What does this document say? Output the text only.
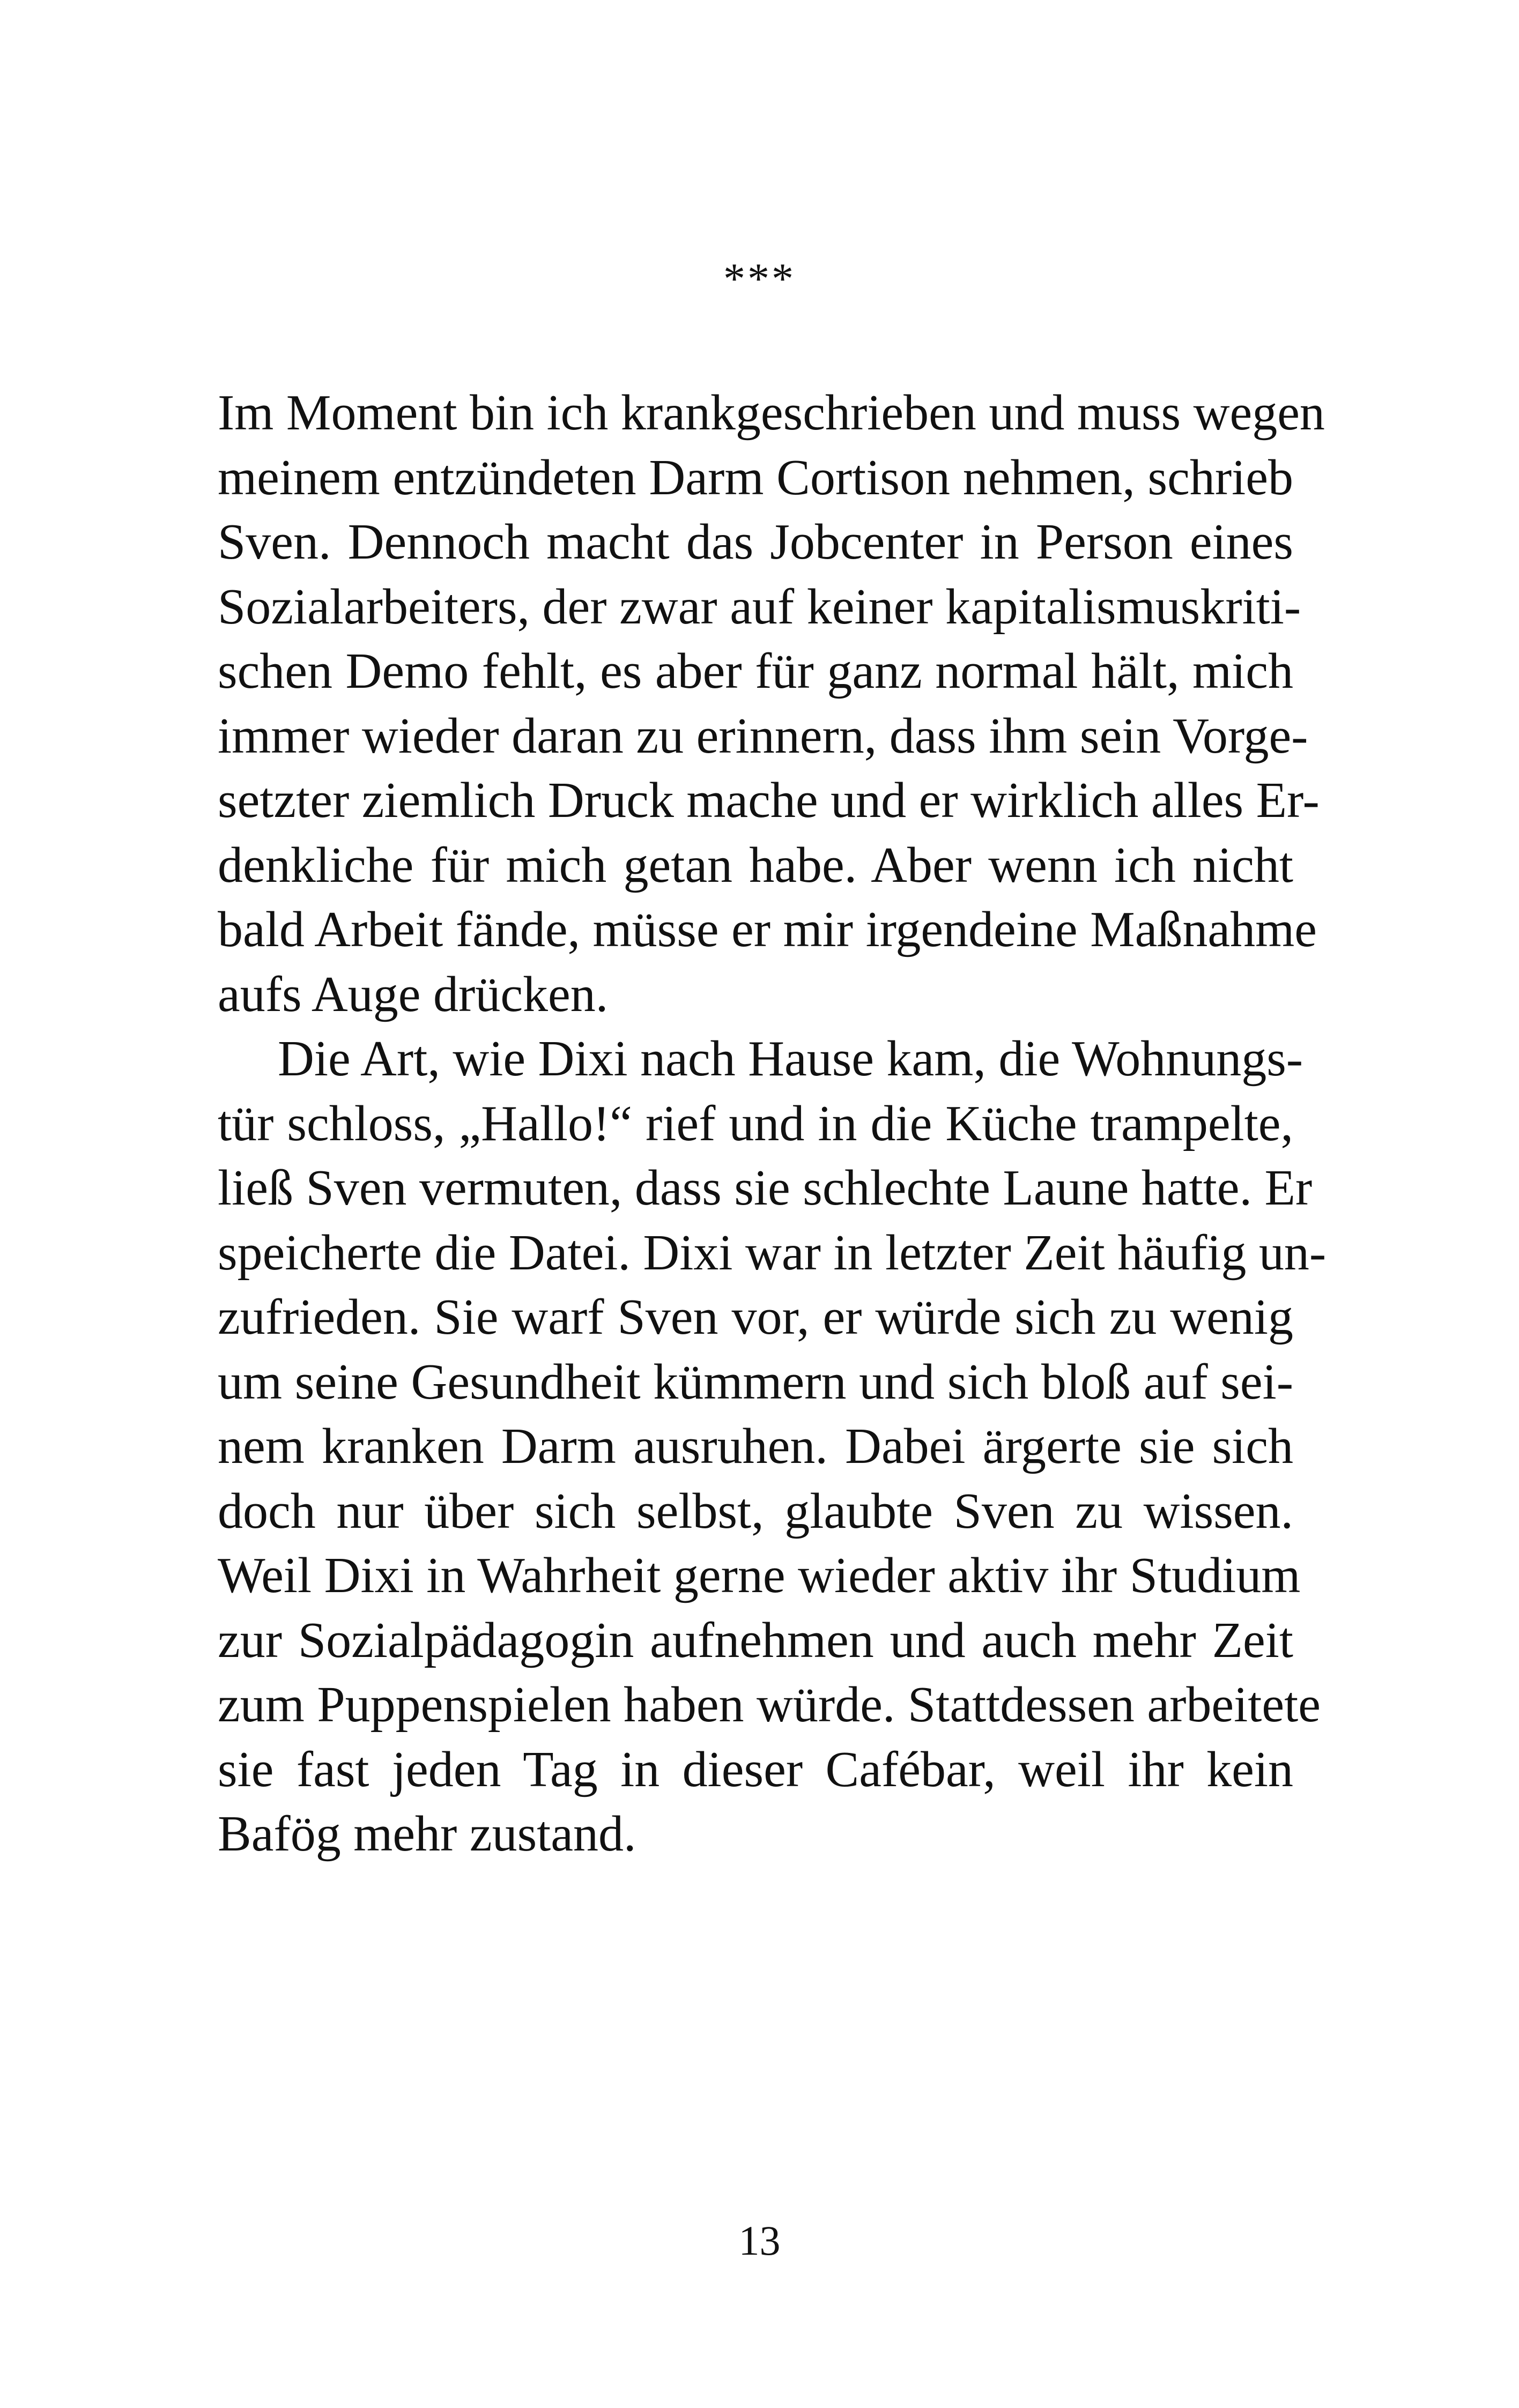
***
Im Moment bin ich krankgeschrieben und muss wegen
meinem entzündeten Darm Cortison nehmen, schrieb
Sven. Dennoch macht das Jobcenter in Person eines
Sozialarbeiters, der zwar auf keiner kapitalismuskriti-
schen Demo fehlt, es aber für ganz normal hält, mich
immer wieder daran zu erinnern, dass ihm sein Vorge-
setzter ziemlich Druck mache und er wirklich alles Er-
denkliche für mich getan habe. Aber wenn ich nicht
bald Arbeit fände, müsse er mir irgendeine Maßnahme
aufs Auge drücken.
Die Art, wie Dixi nach Hause kam, die Wohnungs-
tür schloss, „Hallo!“ rief und in die Küche trampelte,
ließ Sven vermuten, dass sie schlechte Laune hatte. Er
speicherte die Datei. Dixi war in letzter Zeit häufig un-
zufrieden. Sie warf Sven vor, er würde sich zu wenig
um seine Gesundheit kümmern und sich bloß auf sei-
nem kranken Darm ausruhen. Dabei ärgerte sie sich
doch nur über sich selbst, glaubte Sven zu wissen.
Weil Dixi in Wahrheit gerne wieder aktiv ihr Studium
zur Sozialpädagogin aufnehmen und auch mehr Zeit
zum Puppenspielen haben würde. Stattdessen arbeitete
sie fast jeden Tag in dieser Cafébar, weil ihr kein
Bafög mehr zustand.
13
